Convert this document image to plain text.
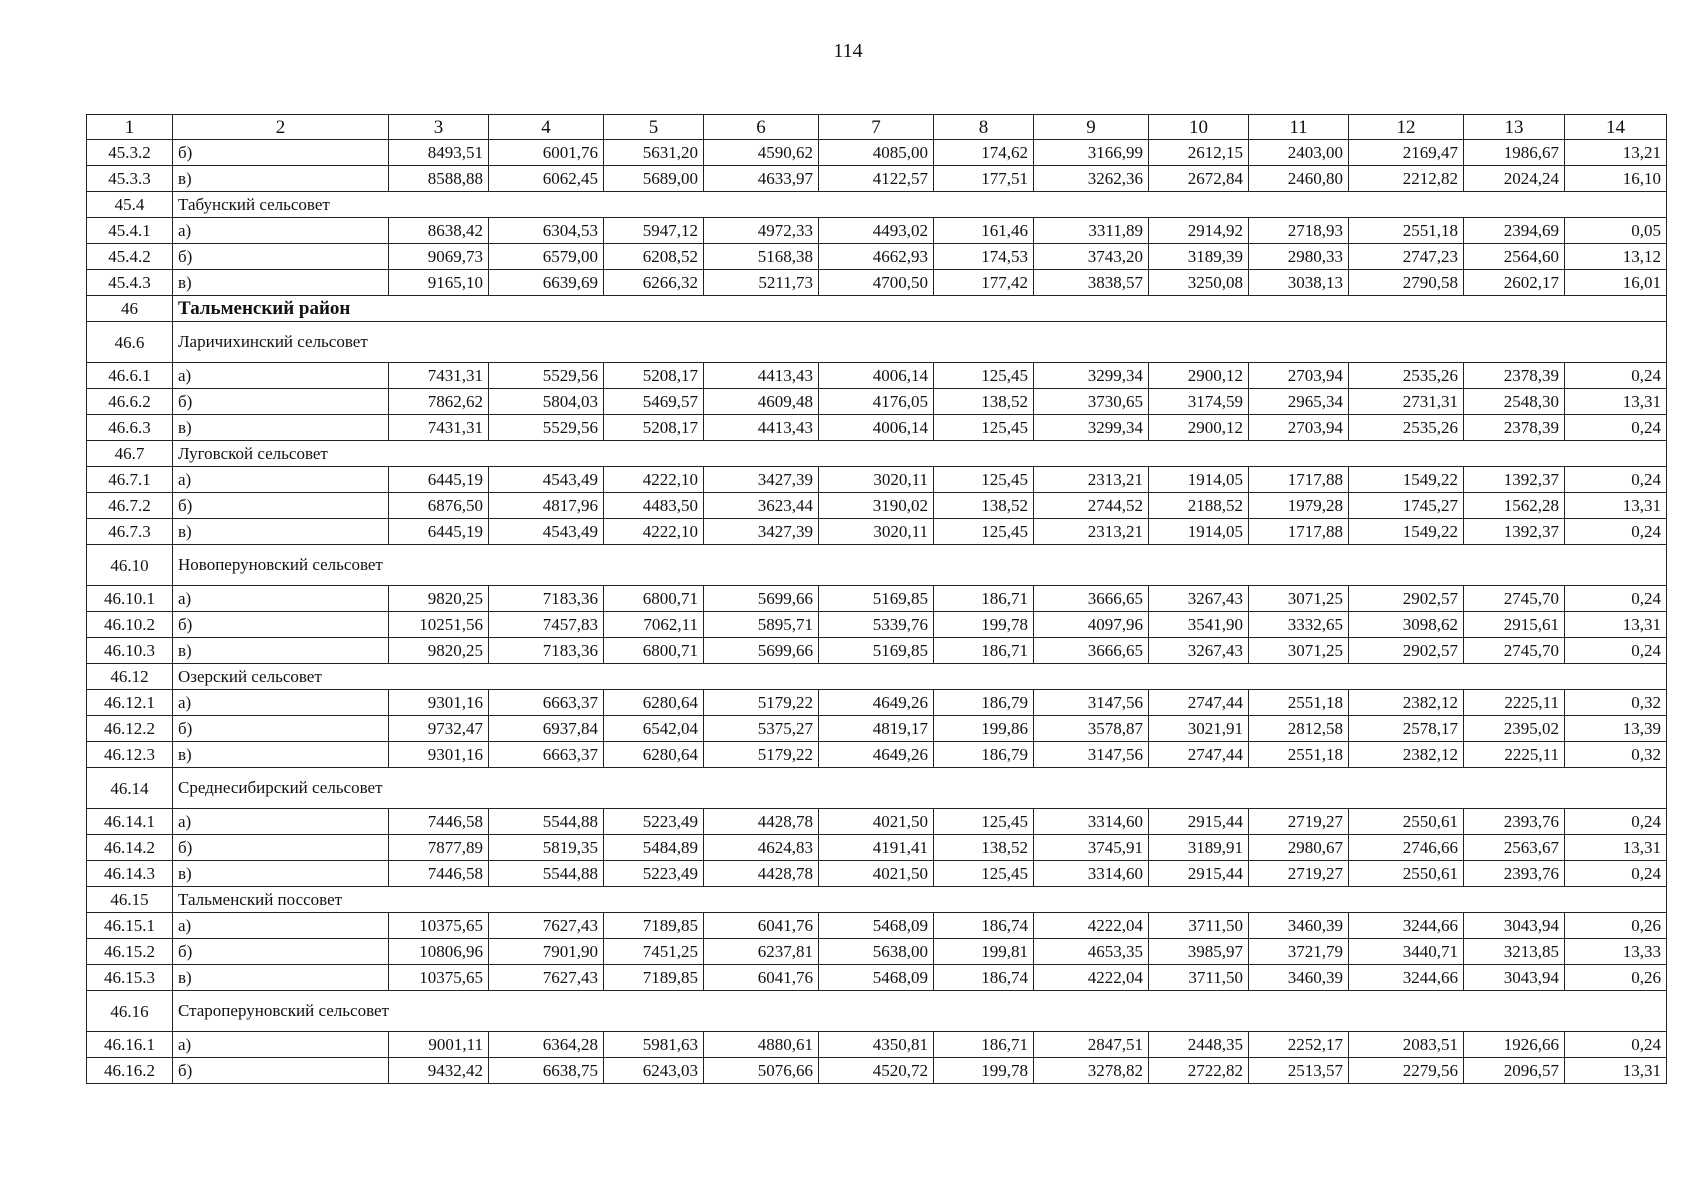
114
1	2	3	4	5	6	7	8	9	10	11	12	13	14
45.3.2	б)	8493,51	6001,76	5631,20	4590,62	4085,00	174,62	3166,99	2612,15	2403,00	2169,47	1986,67	13,21
45.3.3	в)	8588,88	6062,45	5689,00	4633,97	4122,57	177,51	3262,36	2672,84	2460,80	2212,82	2024,24	16,10
45.4	Табунский сельсовет												
45.4.1	а)	8638,42	6304,53	5947,12	4972,33	4493,02	161,46	3311,89	2914,92	2718,93	2551,18	2394,69	0,05
45.4.2	б)	9069,73	6579,00	6208,52	5168,38	4662,93	174,53	3743,20	3189,39	2980,33	2747,23	2564,60	13,12
45.4.3	в)	9165,10	6639,69	6266,32	5211,73	4700,50	177,42	3838,57	3250,08	3038,13	2790,58	2602,17	16,01
46	Тальменский район												
46.6	Ларичихинский сельсовет												
46.6.1	а)	7431,31	5529,56	5208,17	4413,43	4006,14	125,45	3299,34	2900,12	2703,94	2535,26	2378,39	0,24
46.6.2	б)	7862,62	5804,03	5469,57	4609,48	4176,05	138,52	3730,65	3174,59	2965,34	2731,31	2548,30	13,31
46.6.3	в)	7431,31	5529,56	5208,17	4413,43	4006,14	125,45	3299,34	2900,12	2703,94	2535,26	2378,39	0,24
46.7	Луговской сельсовет												
46.7.1	а)	6445,19	4543,49	4222,10	3427,39	3020,11	125,45	2313,21	1914,05	1717,88	1549,22	1392,37	0,24
46.7.2	б)	6876,50	4817,96	4483,50	3623,44	3190,02	138,52	2744,52	2188,52	1979,28	1745,27	1562,28	13,31
46.7.3	в)	6445,19	4543,49	4222,10	3427,39	3020,11	125,45	2313,21	1914,05	1717,88	1549,22	1392,37	0,24
46.10	Новоперуновский сельсовет												
46.10.1	а)	9820,25	7183,36	6800,71	5699,66	5169,85	186,71	3666,65	3267,43	3071,25	2902,57	2745,70	0,24
46.10.2	б)	10251,56	7457,83	7062,11	5895,71	5339,76	199,78	4097,96	3541,90	3332,65	3098,62	2915,61	13,31
46.10.3	в)	9820,25	7183,36	6800,71	5699,66	5169,85	186,71	3666,65	3267,43	3071,25	2902,57	2745,70	0,24
46.12	Озерский сельсовет												
46.12.1	а)	9301,16	6663,37	6280,64	5179,22	4649,26	186,79	3147,56	2747,44	2551,18	2382,12	2225,11	0,32
46.12.2	б)	9732,47	6937,84	6542,04	5375,27	4819,17	199,86	3578,87	3021,91	2812,58	2578,17	2395,02	13,39
46.12.3	в)	9301,16	6663,37	6280,64	5179,22	4649,26	186,79	3147,56	2747,44	2551,18	2382,12	2225,11	0,32
46.14	Среднесибирский сельсовет												
46.14.1	а)	7446,58	5544,88	5223,49	4428,78	4021,50	125,45	3314,60	2915,44	2719,27	2550,61	2393,76	0,24
46.14.2	б)	7877,89	5819,35	5484,89	4624,83	4191,41	138,52	3745,91	3189,91	2980,67	2746,66	2563,67	13,31
46.14.3	в)	7446,58	5544,88	5223,49	4428,78	4021,50	125,45	3314,60	2915,44	2719,27	2550,61	2393,76	0,24
46.15	Тальменский поссовет												
46.15.1	а)	10375,65	7627,43	7189,85	6041,76	5468,09	186,74	4222,04	3711,50	3460,39	3244,66	3043,94	0,26
46.15.2	б)	10806,96	7901,90	7451,25	6237,81	5638,00	199,81	4653,35	3985,97	3721,79	3440,71	3213,85	13,33
46.15.3	в)	10375,65	7627,43	7189,85	6041,76	5468,09	186,74	4222,04	3711,50	3460,39	3244,66	3043,94	0,26
46.16	Староперуновский сельсовет												
46.16.1	а)	9001,11	6364,28	5981,63	4880,61	4350,81	186,71	2847,51	2448,35	2252,17	2083,51	1926,66	0,24
46.16.2	б)	9432,42	6638,75	6243,03	5076,66	4520,72	199,78	3278,82	2722,82	2513,57	2279,56	2096,57	13,31
